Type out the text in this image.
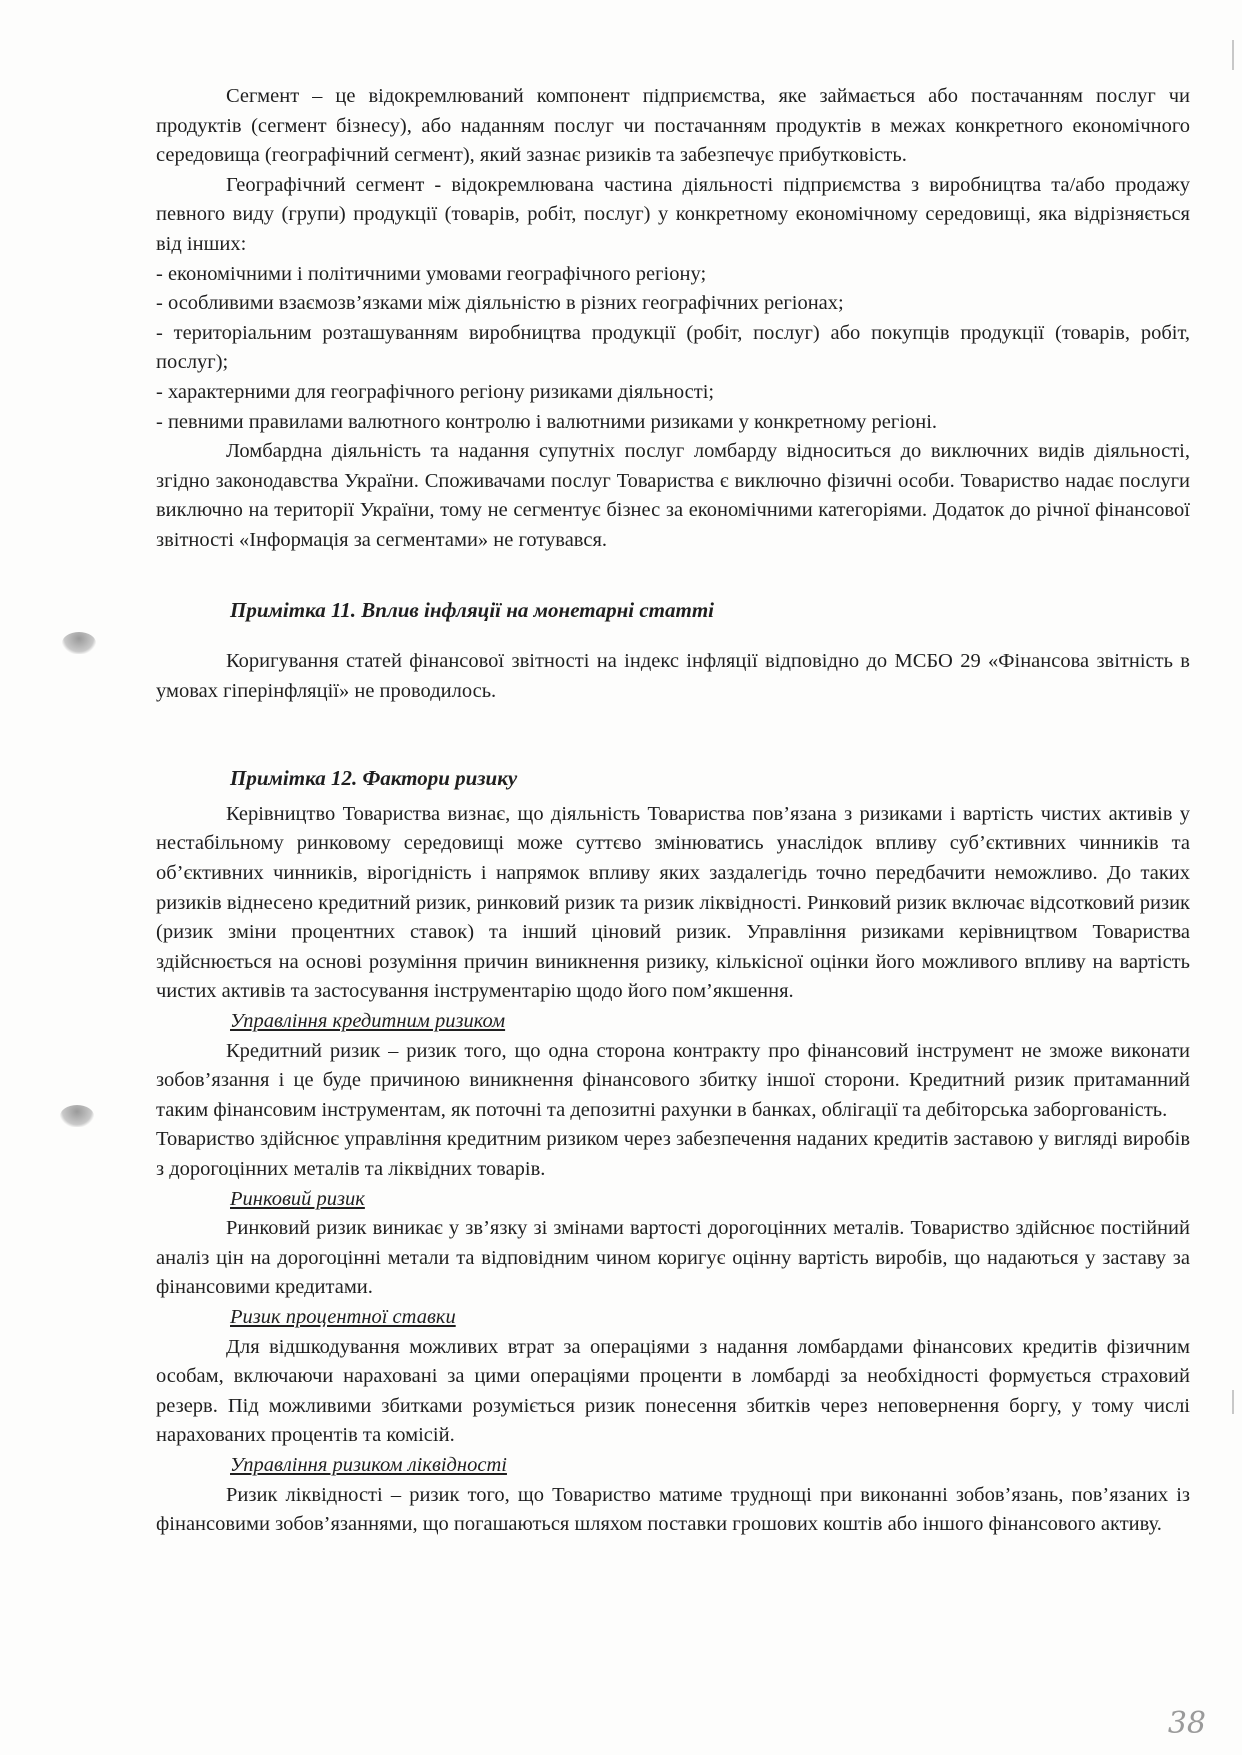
Сегмент – це відокремлюваний компонент підприємства, яке займається або постачанням послуг чи продуктів (сегмент бізнесу), або наданням послуг чи постачанням продуктів в межах конкретного економічного середовища (географічний сегмент), який зазнає ризиків та забезпечує прибутковість.

Географічний сегмент - відокремлювана частина діяльності підприємства з виробництва та/або продажу певного виду (групи) продукції (товарів, робіт, послуг) у конкретному економічному середовищі, яка відрізняється від інших:

- економічними і політичними умовами географічного регіону;

- особливими взаємозв’язками між діяльністю в різних географічних регіонах;

- територіальним розташуванням виробництва продукції (робіт, послуг) або покупців продукції (товарів, робіт, послуг);

- характерними для географічного регіону ризиками діяльності;

- певними правилами валютного контролю і валютними ризиками у конкретному регіоні.

Ломбардна діяльність та надання супутніх послуг ломбарду відноситься до виключних видів діяльності, згідно законодавства України. Споживачами послуг Товариства є виключно фізичні особи. Товариство надає послуги виключно на території України, тому не сегментує бізнес за економічними категоріями. Додаток до річної фінансової звітності «Інформація за сегментами» не готувався.

Примітка 11. Вплив інфляції на монетарні статті

Коригування статей фінансової звітності на індекс інфляції відповідно до МСБО 29 «Фінансова звітність в умовах гіперінфляції» не проводилось.

Примітка 12. Фактори ризику

Керівництво Товариства визнає, що діяльність Товариства пов’язана з ризиками і вартість чистих активів у нестабільному ринковому середовищі може суттєво змінюватись унаслідок впливу суб’єктивних чинників та об’єктивних чинників, вірогідність і напрямок впливу яких заздалегідь точно передбачити неможливо. До таких ризиків віднесено кредитний ризик, ринковий ризик та ризик ліквідності. Ринковий ризик включає відсотковий ризик (ризик зміни процентних ставок) та інший ціновий ризик. Управління ризиками керівництвом Товариства здійснюється на основі розуміння причин виникнення ризику, кількісної оцінки його можливого впливу на вартість чистих активів та застосування інструментарію щодо його пом’якшення.

Управління кредитним ризиком

Кредитний ризик – ризик того, що одна сторона контракту про фінансовий інструмент не зможе виконати зобов’язання і це буде причиною виникнення фінансового збитку іншої сторони. Кредитний ризик притаманний таким фінансовим інструментам, як поточні та депозитні рахунки в банках, облігації та дебіторська заборгованість.

Товариство здійснює управління кредитним ризиком через забезпечення наданих кредитів заставою у вигляді виробів з дорогоцінних металів та ліквідних товарів.

Ринковий ризик

Ринковий ризик виникає у зв’язку зі змінами вартості дорогоцінних металів. Товариство здійснює постійний аналіз цін на дорогоцінні метали та відповідним чином коригує оцінну вартість виробів, що надаються у заставу за фінансовими кредитами.

Ризик процентної ставки

Для відшкодування можливих втрат за операціями з надання ломбардами фінансових кредитів фізичним особам, включаючи нараховані за цими операціями проценти в ломбарді за необхідності формується страховий резерв. Під можливими збитками розуміється ризик понесення збитків через неповернення боргу, у тому числі нарахованих процентів та комісій.

Управління ризиком ліквідності

Ризик ліквідності – ризик того, що Товариство матиме труднощі при виконанні зобов’язань, пов’язаних із фінансовими зобов’язаннями, що погашаються шляхом поставки грошових коштів або іншого фінансового активу.

38
